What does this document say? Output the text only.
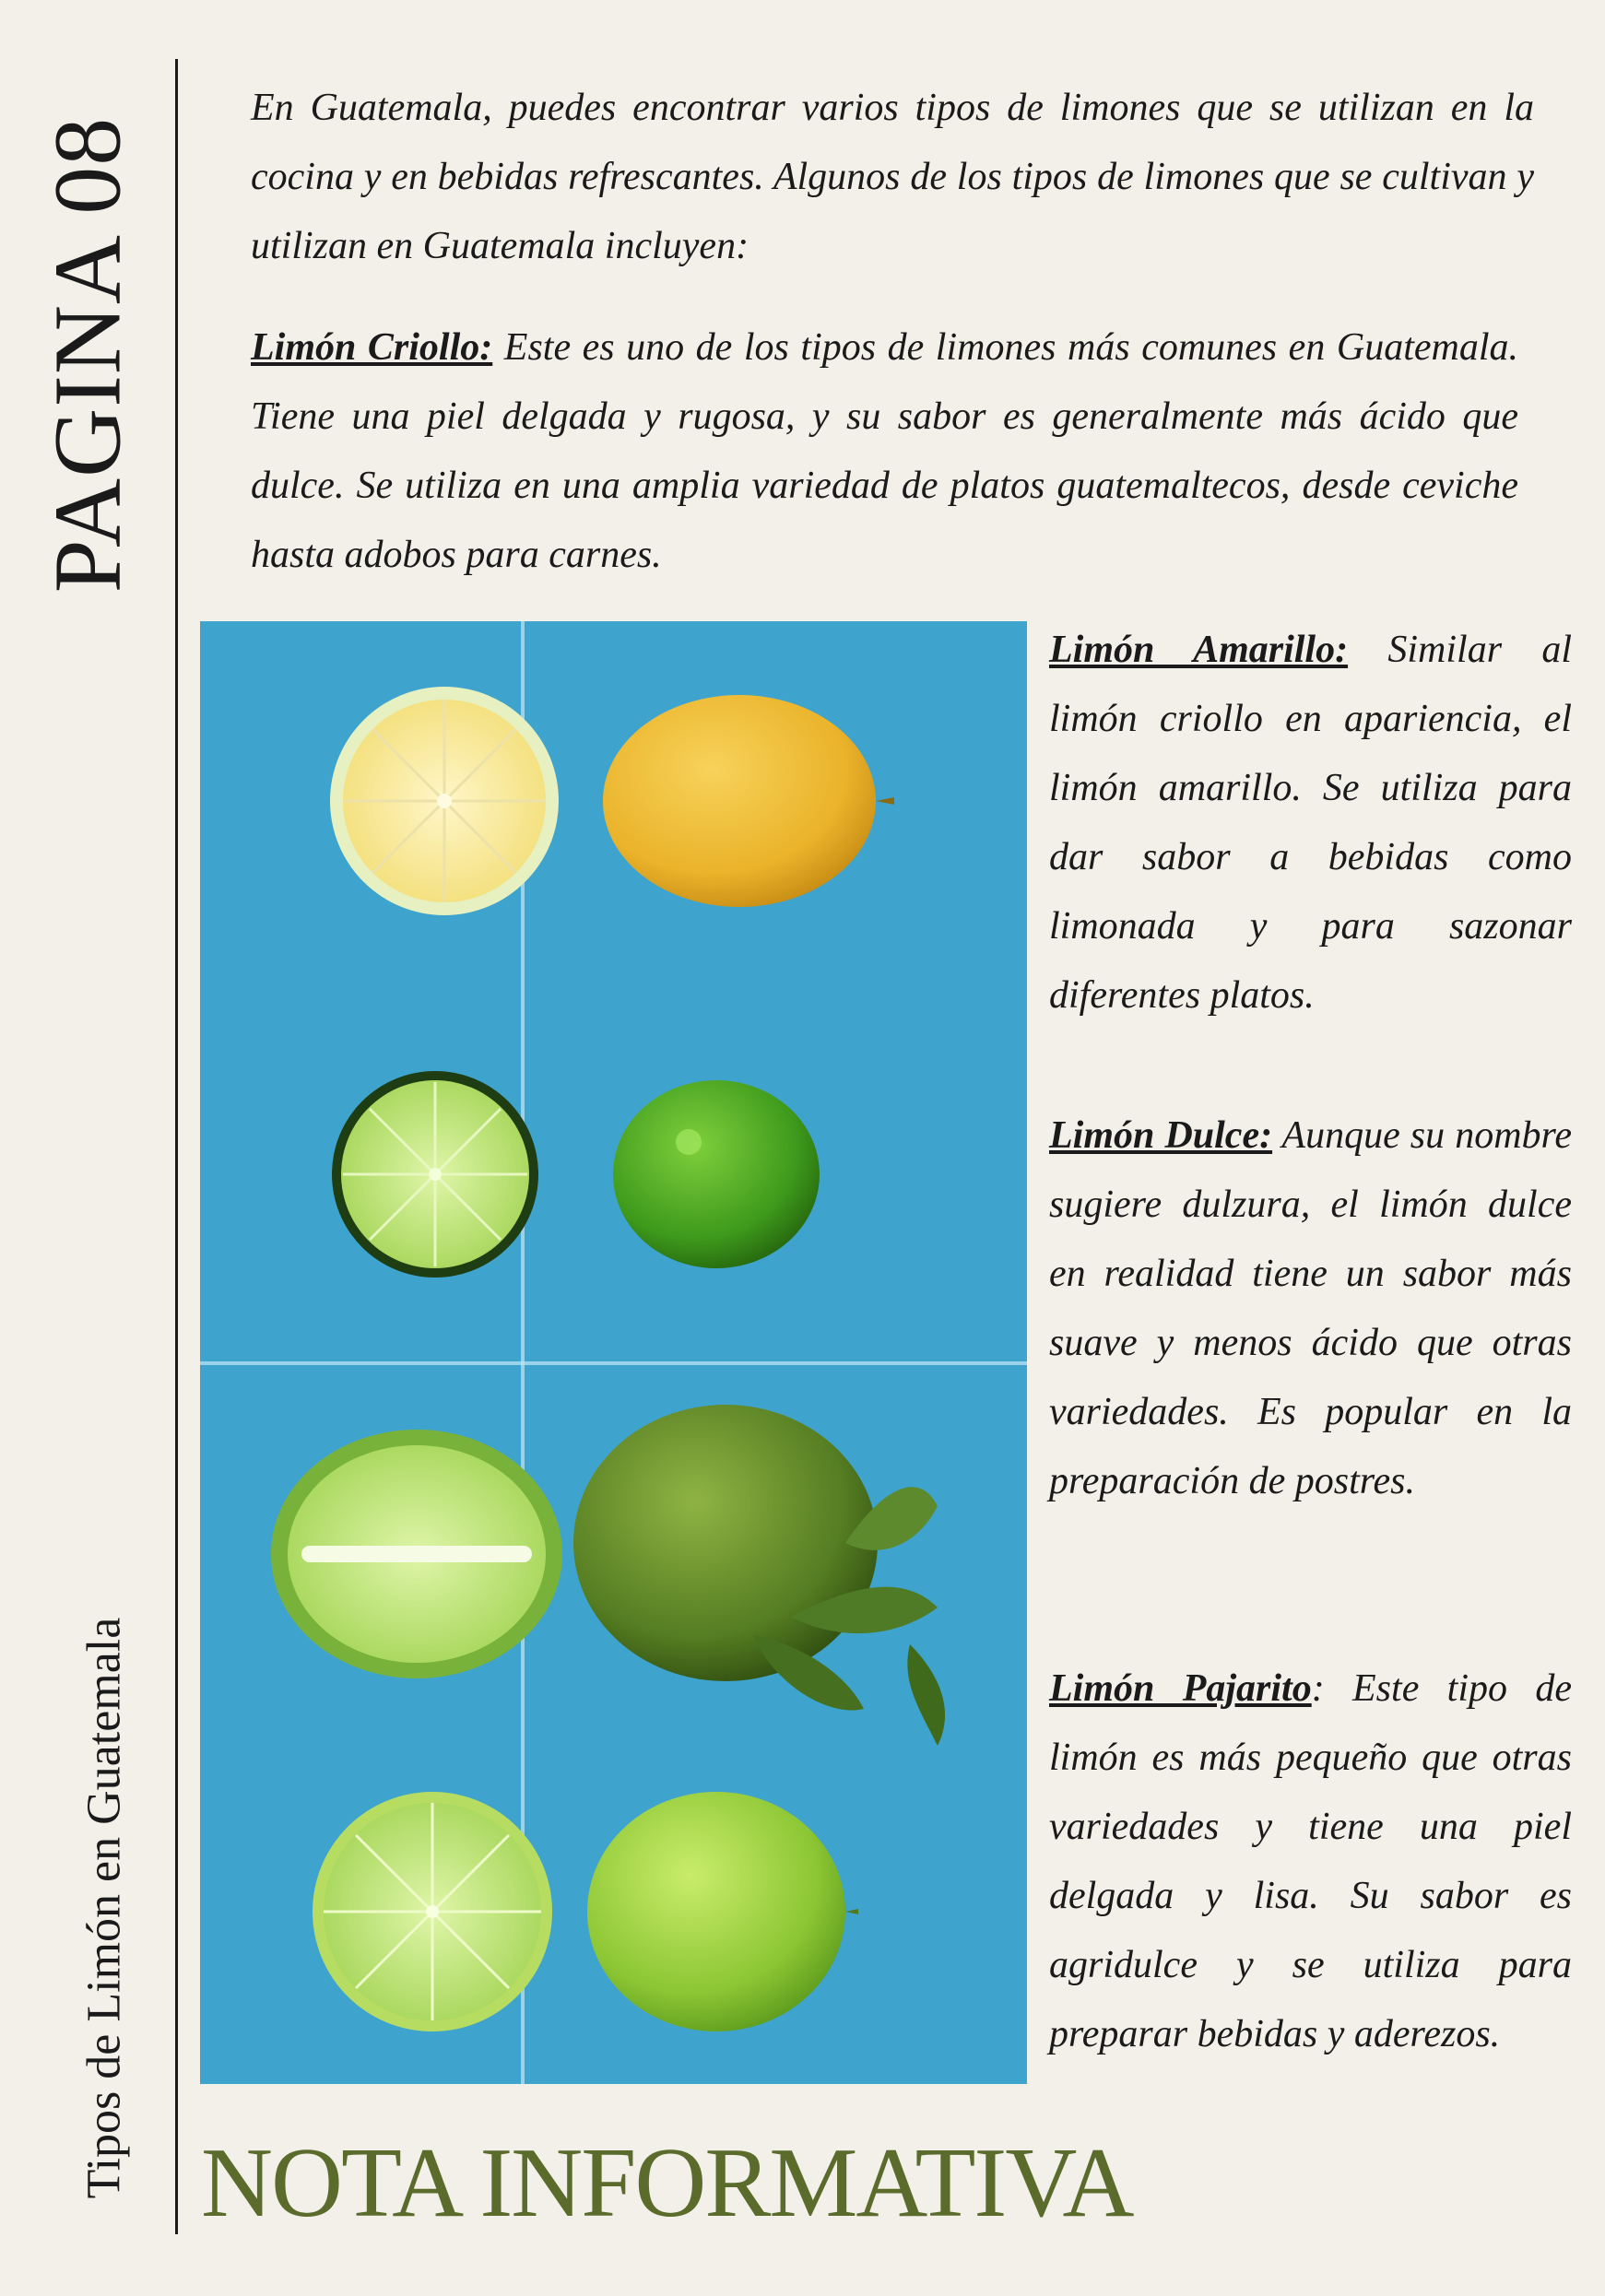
PAGINA 08
Tipos de Limón en Guatemala

En Guatemala, puedes encontrar varios tipos de limones que se utilizan en la cocina y en bebidas refrescantes. Algunos de los tipos de limones que se cultivan y utilizan en Guatemala incluyen:

Limón Criollo: Este es uno de los tipos de limones más comunes en Guatemala. Tiene una piel delgada y rugosa, y su sabor es generalmente más ácido que dulce. Se utiliza en una amplia variedad de platos guatemaltecos, desde ceviche hasta adobos para carnes.

Limón Amarillo: Similar al limón criollo en apariencia, el limón amarillo. Se utiliza para dar sabor a bebidas como limonada y para sazonar diferentes platos.

Limón Dulce: Aunque su nombre sugiere dulzura, el limón dulce en realidad tiene un sabor más suave y menos ácido que otras variedades. Es popular en la preparación de postres.

Limón Pajarito: Este tipo de limón es más pequeño que otras variedades y tiene una piel delgada y lisa. Su sabor es agridulce y se utiliza para preparar bebidas y aderezos.

NOTA INFORMATIVA
